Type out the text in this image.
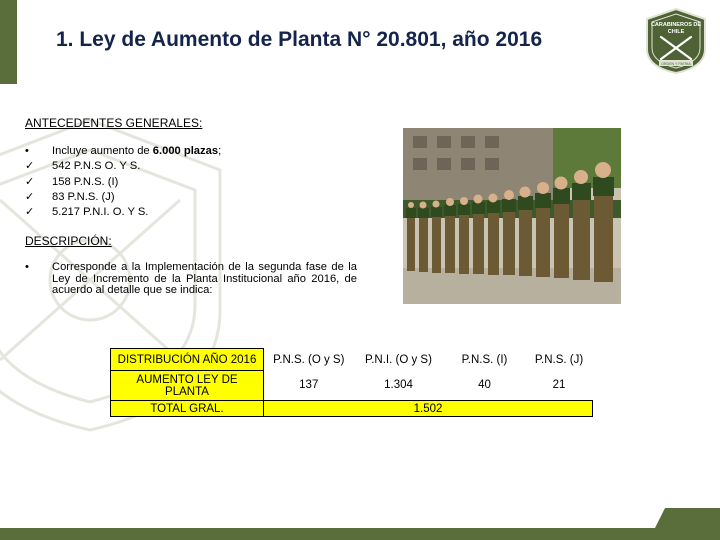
1. Ley de Aumento de Planta N° 20.801, año 2016
CARABINEROS DE
CHILE
ORDEN Y PATRIA
ANTECEDENTES GENERALES:
•	Incluye aumento de 6.000 plazas;
✓	542 P.N.S O. Y S.
✓	158 P.N.S. (I)
✓	83 P.N.S. (J)
✓	5.217 P.N.I. O. Y S.
DESCRIPCIÓN:
•	Corresponde a la Implementación de la segunda fase de la Ley de Incremento de la Planta Institucional año 2016, de acuerdo al detalle que se indica:
DISTRIBUCIÓN AÑO 2016	P.N.S. (O y S)	P.N.I. (O y S)	P.N.S. (I)	P.N.S. (J)
AUMENTO LEY DE PLANTA	137	1.304	40	21
TOTAL GRAL.	1.502			
